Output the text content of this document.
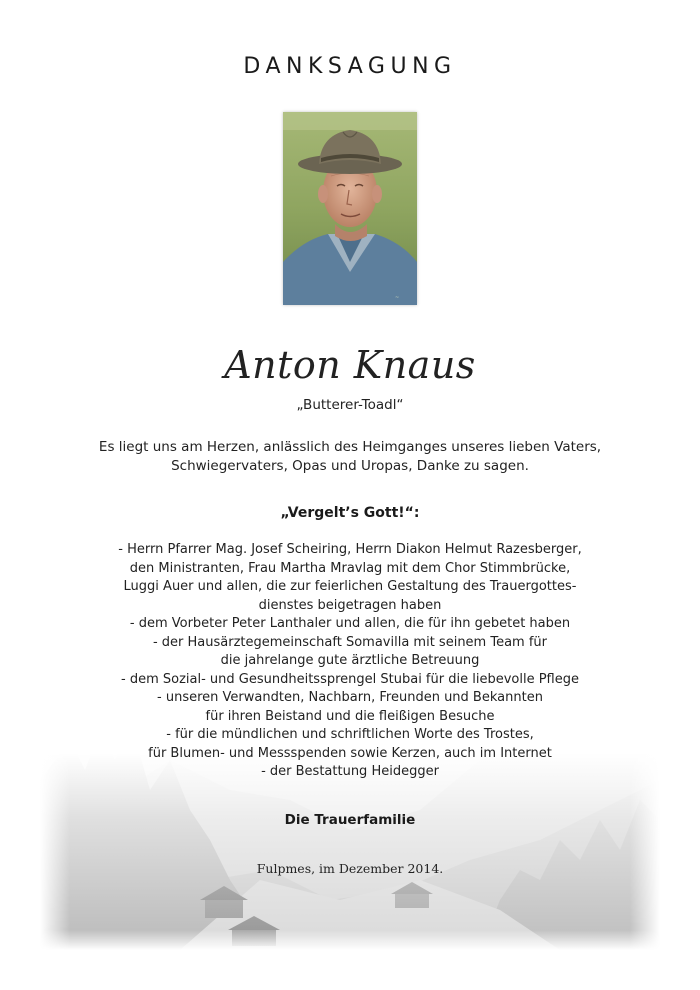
DANKSAGUNG
~
Anton Knaus
„Butterer-Toadl“
Es liegt uns am Herzen, anlässlich des Heimganges unseres lieben Vaters,
Schwiegervaters, Opas und Uropas, Danke zu sagen.
„Vergelt’s Gott!“:
- Herrn Pfarrer Mag. Josef Scheiring, Herrn Diakon Helmut Razesberger,
den Ministranten, Frau Martha Mravlag mit dem Chor Stimmbrücke,
Luggi Auer und allen, die zur feierlichen Gestaltung des Trauergottes-
dienstes beigetragen haben
- dem Vorbeter Peter Lanthaler und allen, die für ihn gebetet haben
- der Hausärztegemeinschaft Somavilla mit seinem Team für
die jahrelange gute ärztliche Betreuung
- dem Sozial- und Gesundheitssprengel Stubai für die liebevolle Pflege
- unseren Verwandten, Nachbarn, Freunden und Bekannten
für ihren Beistand und die fleißigen Besuche
- für die mündlichen und schriftlichen Worte des Trostes,
für Blumen- und Messspenden sowie Kerzen, auch im Internet
- der Bestattung Heidegger
Die Trauerfamilie
Fulpmes, im Dezember 2014.
